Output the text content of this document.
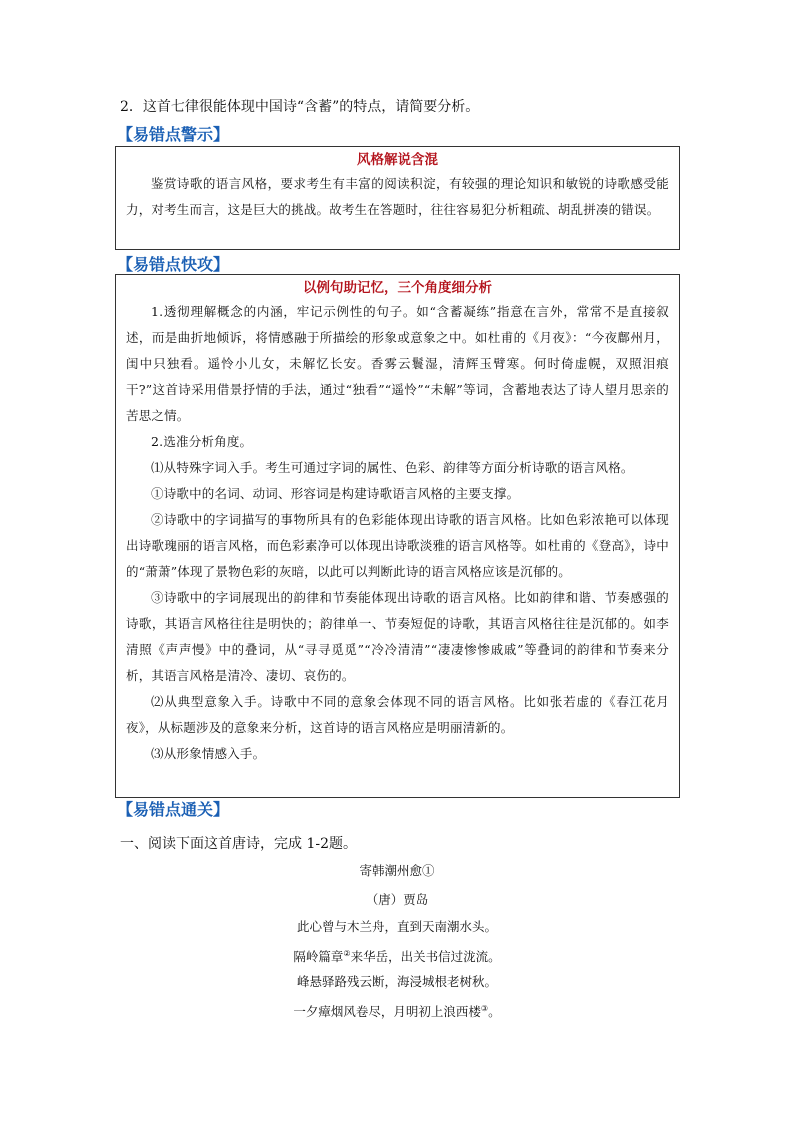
2．这首七律很能体现中国诗“含蓄”的特点，请简要分析。
【易错点警示】
风格解说含混

鉴赏诗歌的语言风格，要求考生有丰富的阅读积淀，有较强的理论知识和敏锐的诗歌感受能力，对考生而言，这是巨大的挑战。故考生在答题时，往往容易犯分析粗疏、胡乱拼凑的错误。

【易错点快攻】
以例句助记忆，三个角度细分析

1.透彻理解概念的内涵，牢记示例性的句子。如“含蓄凝练”指意在言外，常常不是直接叙述，而是曲折地倾诉，将情感融于所描绘的形象或意象之中。如杜甫的《月夜》：“今夜鄜州月，闺中只独看。遥怜小儿女，未解忆长安。香雾云鬟湿，清辉玉臂寒。何时倚虚幌，双照泪痕干?”这首诗采用借景抒情的手法，通过“独看”“遥怜”“未解”等词，含蓄地表达了诗人望月思亲的苦思之情。

2.选准分析角度。

⑴从特殊字词入手。考生可通过字词的属性、色彩、韵律等方面分析诗歌的语言风格。

①诗歌中的名词、动词、形容词是构建诗歌语言风格的主要支撑。

②诗歌中的字词描写的事物所具有的色彩能体现出诗歌的语言风格。比如色彩浓艳可以体现出诗歌瑰丽的语言风格，而色彩素净可以体现出诗歌淡雅的语言风格等。如杜甫的《登高》，诗中的“萧萧”体现了景物色彩的灰暗，以此可以判断此诗的语言风格应该是沉郁的。

③诗歌中的字词展现出的韵律和节奏能体现出诗歌的语言风格。比如韵律和谐、节奏感强的诗歌，其语言风格往往是明快的；韵律单一、节奏短促的诗歌，其语言风格往往是沉郁的。如李清照《声声慢》中的叠词，从“寻寻觅觅”“冷冷清清”“凄凄惨惨戚戚”等叠词的韵律和节奏来分析，其语言风格是清冷、凄切、哀伤的。

⑵从典型意象入手。诗歌中不同的意象会体现不同的语言风格。比如张若虚的《春江花月夜》，从标题涉及的意象来分析，这首诗的语言风格应是明丽清新的。

⑶从形象情感入手。

【易错点通关】
一、阅读下面这首唐诗，完成 1-2题。
寄韩潮州愈①
（唐）贾岛
此心曾与木兰舟，直到天南潮水头。
隔岭篇章②来华岳，出关书信过泷流。
峰悬驿路残云断，海浸城根老树秋。
一夕瘴烟风卷尽，月明初上浪西楼③。
